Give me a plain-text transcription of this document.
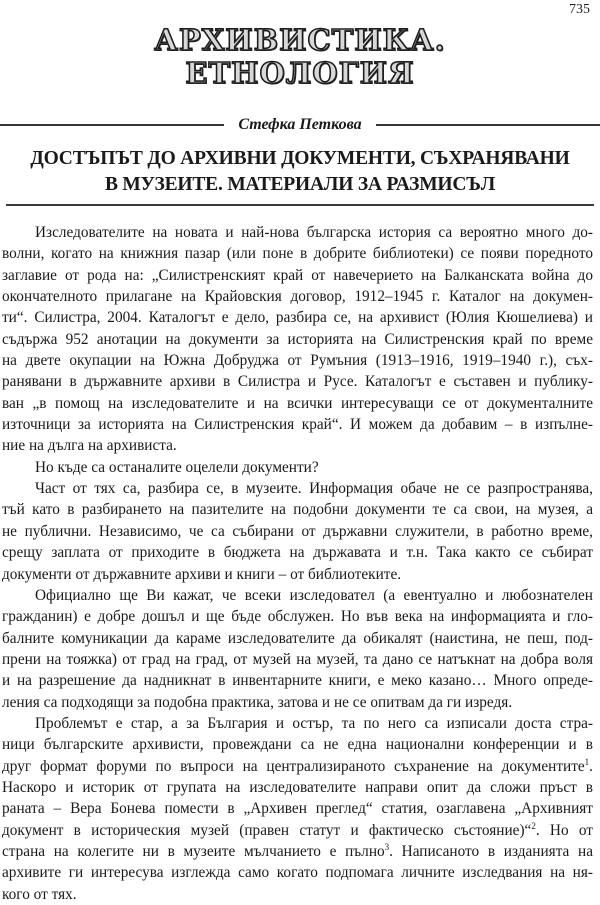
735
АРХИВИСТИКА.
ЕТНОЛОГИЯ
Стефка Петкова
ДОСТЪПЪТ ДО АРХИВНИ ДОКУМЕНТИ, СЪХРАНЯВАНИ
В МУЗЕИТЕ. МАТЕРИАЛИ ЗА РАЗМИСЪЛ
Изследователите на новата и най-нова българска история са вероятно много до-
волни, когато на книжния пазар (или поне в добрите библиотеки) се появи поредното
заглавие от рода на: „Силистренският край от навечерието на Балканската война до
окончателното прилагане на Крайовския договор, 1912–1945 г. Каталог на докумен-
ти“. Силистра, 2004. Каталогът е дело, разбира се, на архивист (Юлия Кюшелиева) и
съдържа 952 анотации на документи за историята на Силистренския край по време
на двете окупации на Южна Добруджа от Румъния (1913–1916, 1919–1940 г.), съх-
ранявани в държавните архиви в Силистра и Русе. Каталогът е съставен и публику-
ван „в помощ на изследователите и на всички интересуващи се от документалните
източници за историята на Силистренския край“. И можем да добавим – в изпълне-
ние на дълга на архивиста.
Но къде са останалите оцелели документи?
Част от тях са, разбира се, в музеите. Информация обаче не се разпространява,
тъй като в разбирането на пазителите на подобни документи те са свои, на музея, а
не публични. Независимо, че са събирани от държавни служители, в работно време,
срещу заплата от приходите в бюджета на държавата и т.н. Така както се събират
документи от държавните архиви и книги – от библиотеките.
Официално ще Ви кажат, че всеки изследовател (а евентуално и любознателен
гражданин) е добре дошъл и ще бъде обслужен. Но във века на информацията и гло-
балните комуникации да караме изследователите да обикалят (наистина, не пеш, под-
прени на тояжка) от град на град, от музей на музей, та дано се натъкнат на добра воля
и на разрешение да надникнат в инвентарните книги, е меко казано… Много опреде-
ления са подходящи за подобна практика, затова и не се опитвам да ги изредя.
Проблемът е стар, а за България и остър, та по него са изписали доста стра-
ници българските архивисти, провеждани са не една национални конференции и в
друг формат форуми по въпроси на централизираното съхранение на документите$^1$.
Наскоро и историк от групата на изследователите направи опит да сложи пръст в
раната – Вера Бонева помести в „Архивен преглед“ статия, озаглавена „Архивният
документ в историческия музей (правен статут и фактическо състояние)“$^2$. Но от
страна на колегите ни в музеите мълчанието е пълно$^3$. Написаното в изданията на
архивите ги интересува изглежда само когато подпомага личните изследвания на ня-
кого от тях.
